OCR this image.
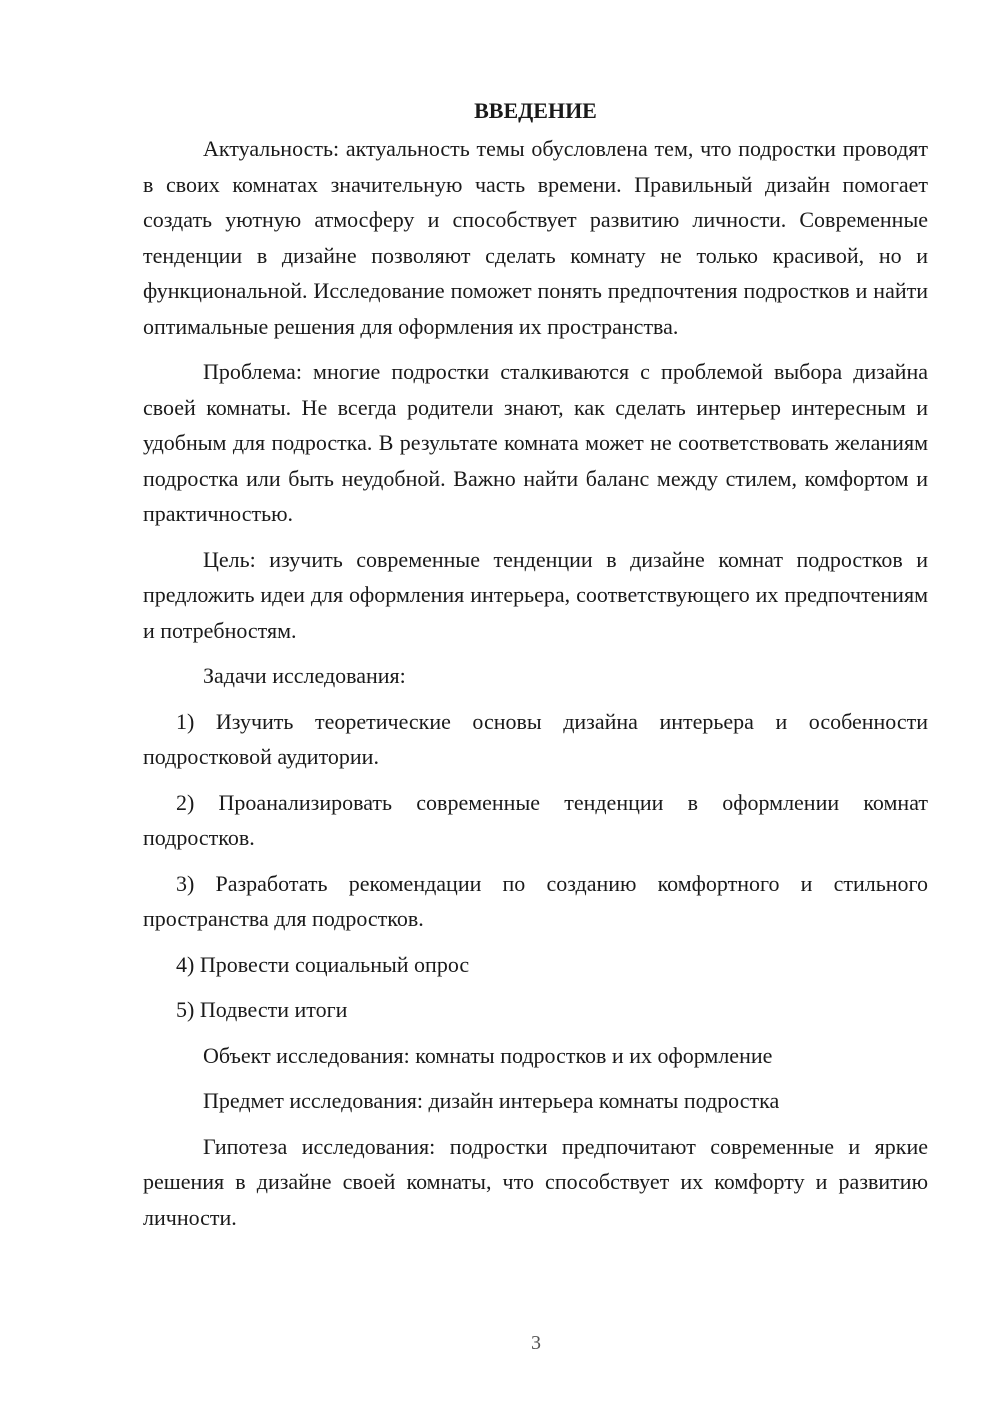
ВВЕДЕНИЕ

Актуальность: актуальность темы обусловлена тем, что подростки проводят в своих комнатах значительную часть времени. Правильный дизайн помогает создать уютную атмосферу и способствует развитию личности. Современные тенденции в дизайне позволяют сделать комнату не только красивой, но и функциональной. Исследование поможет понять предпочтения подростков и найти оптимальные решения для оформления их пространства.

Проблема: многие подростки сталкиваются с проблемой выбора дизайна своей комнаты. Не всегда родители знают, как сделать интерьер интересным и удобным для подростка. В результате комната может не соответствовать желаниям подростка или быть неудобной. Важно найти баланс между стилем, комфортом и практичностью.

Цель: изучить современные тенденции в дизайне комнат подростков и предложить идеи для оформления интерьера, соответствующего их предпочтениям и потребностям.

Задачи исследования:

1) Изучить теоретические основы дизайна интерьера и особенности подростковой аудитории.

2) Проанализировать современные тенденции в оформлении комнат подростков.

3) Разработать рекомендации по созданию комфортного и стильного пространства для подростков.

4) Провести социальный опрос

5) Подвести итоги

Объект исследования: комнаты подростков и их оформление

Предмет исследования: дизайн интерьера комнаты подростка

Гипотеза исследования: подростки предпочитают современные и яркие решения в дизайне своей комнаты, что способствует их комфорту и развитию личности.

3
